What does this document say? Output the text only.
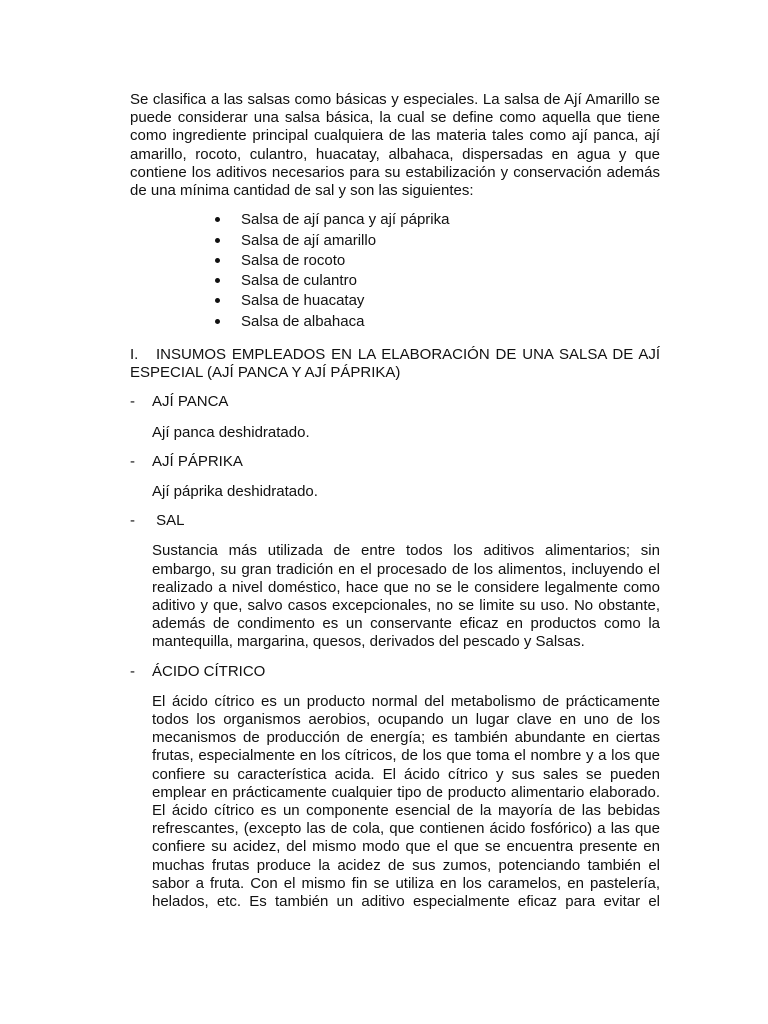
Se clasifica a las salsas como básicas y especiales. La salsa de Ají Amarillo se puede considerar una salsa básica, la cual se define como aquella que tiene como ingrediente principal cualquiera de las materia tales como ají panca, ají amarillo, rocoto, culantro, huacatay, albahaca, dispersadas en agua y que contiene los aditivos necesarios para su estabilización y conservación además de una mínima cantidad de sal y son las siguientes:

Salsa de ají panca y ají páprika
Salsa de ají amarillo
Salsa de rocoto
Salsa de culantro
Salsa de huacatay
Salsa de albahaca

I.   INSUMOS EMPLEADOS EN LA ELABORACIÓN DE UNA SALSA DE AJÍ ESPECIAL (AJÍ PANCA Y AJÍ PÁPRIKA)

-	AJÍ PANCA

Ají panca deshidratado.

-	AJÍ PÁPRIKA

Ají páprika deshidratado.

-	SAL

Sustancia más utilizada de entre todos los aditivos alimentarios; sin embargo, su gran tradición en el procesado de los alimentos, incluyendo el realizado a nivel doméstico, hace que no se le considere legalmente como aditivo y que, salvo casos excepcionales, no se limite su uso. No obstante, además de condimento es un conservante eficaz en productos como la mantequilla, margarina, quesos, derivados del pescado y Salsas.

-	ÁCIDO CÍTRICO

El ácido cítrico es un producto normal del metabolismo de prácticamente todos los organismos aerobios, ocupando un lugar clave en uno de los mecanismos de producción de energía; es también abundante en ciertas frutas, especialmente en los cítricos, de los que toma el nombre y a los que confiere su característica acida. El ácido cítrico y sus sales se pueden emplear en prácticamente cualquier tipo de producto alimentario elaborado. El ácido cítrico es un componente esencial de la mayoría de las bebidas refrescantes, (excepto las de cola, que contienen ácido fosfórico) a las que confiere su acidez, del mismo modo que el que se encuentra presente en muchas frutas produce la acidez de sus zumos, potenciando también el sabor a fruta. Con el mismo fin se utiliza en los caramelos, en pastelería, helados, etc. Es también un aditivo especialmente eficaz para evitar el
